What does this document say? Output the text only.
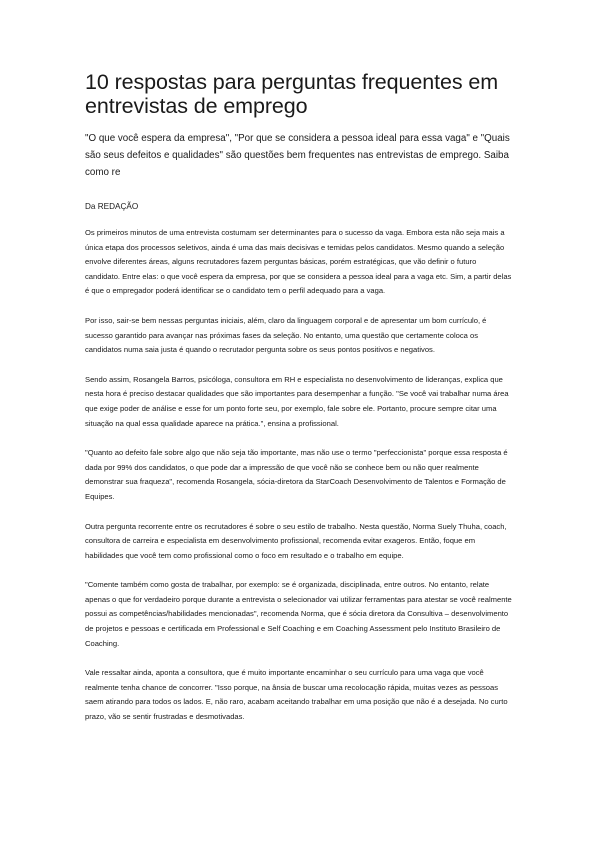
10 respostas para perguntas frequentes em entrevistas de emprego
"O que você espera da empresa", "Por que se considera a pessoa ideal para essa vaga" e "Quais são seus defeitos e qualidades" são questões bem frequentes nas entrevistas de emprego. Saiba como re
Da REDAÇÃO

Os primeiros minutos de uma entrevista costumam ser determinantes para o sucesso da vaga. Embora esta não seja mais a única etapa dos processos seletivos, ainda é uma das mais decisivas e temidas pelos candidatos. Mesmo quando a seleção envolve diferentes áreas, alguns recrutadores fazem perguntas básicas, porém estratégicas, que vão definir o futuro candidato. Entre elas: o que você espera da empresa, por que se considera a pessoa ideal para a vaga etc. Sim, a partir delas é que o empregador poderá identificar se o candidato tem o perfil adequado para a vaga.

Por isso, sair-se bem nessas perguntas iniciais, além, claro da linguagem corporal e de apresentar um bom currículo, é sucesso garantido para avançar nas próximas fases da seleção. No entanto, uma questão que certamente coloca os candidatos numa saia justa é quando o recrutador pergunta sobre os seus pontos positivos e negativos.

Sendo assim, Rosangela Barros, psicóloga, consultora em RH e especialista no desenvolvimento de lideranças, explica que nesta hora é preciso destacar qualidades que são importantes para desempenhar a função. "Se você vai trabalhar numa área que exige poder de análise e esse for um ponto forte seu, por exemplo, fale sobre ele. Portanto, procure sempre citar uma situação na qual essa qualidade aparece na prática.", ensina a profissional.

"Quanto ao defeito fale sobre algo que não seja tão importante, mas não use o termo "perfeccionista" porque essa resposta é dada por 99% dos candidatos, o que pode dar a impressão de que você não se conhece bem ou não quer realmente demonstrar sua fraqueza", recomenda Rosangela, sócia-diretora da StarCoach Desenvolvimento de Talentos e Formação de Equipes.

Outra pergunta recorrente entre os recrutadores é sobre o seu estilo de trabalho. Nesta questão, Norma Suely Thuha, coach, consultora de carreira e especialista em desenvolvimento profissional, recomenda evitar exageros. Então, foque em habilidades que você tem como profissional como o foco em resultado e o trabalho em equipe.

"Comente também como gosta de trabalhar, por exemplo: se é organizada, disciplinada, entre outros. No entanto, relate apenas o que for verdadeiro porque durante a entrevista o selecionador vai utilizar ferramentas para atestar se você realmente possui as competências/habilidades mencionadas", recomenda Norma, que é sócia diretora da Consultiva – desenvolvimento de projetos e pessoas e certificada em Professional e Self Coaching e em Coaching Assessment pelo Instituto Brasileiro de Coaching.

Vale ressaltar ainda, aponta a consultora, que é muito importante encaminhar o seu currículo para uma vaga que você realmente tenha chance de concorrer. "Isso porque, na ânsia de buscar uma recolocação rápida, muitas vezes as pessoas saem atirando para todos os lados. E, não raro, acabam aceitando trabalhar em uma posição que não é a desejada. No curto prazo, vão se sentir frustradas e desmotivadas.
